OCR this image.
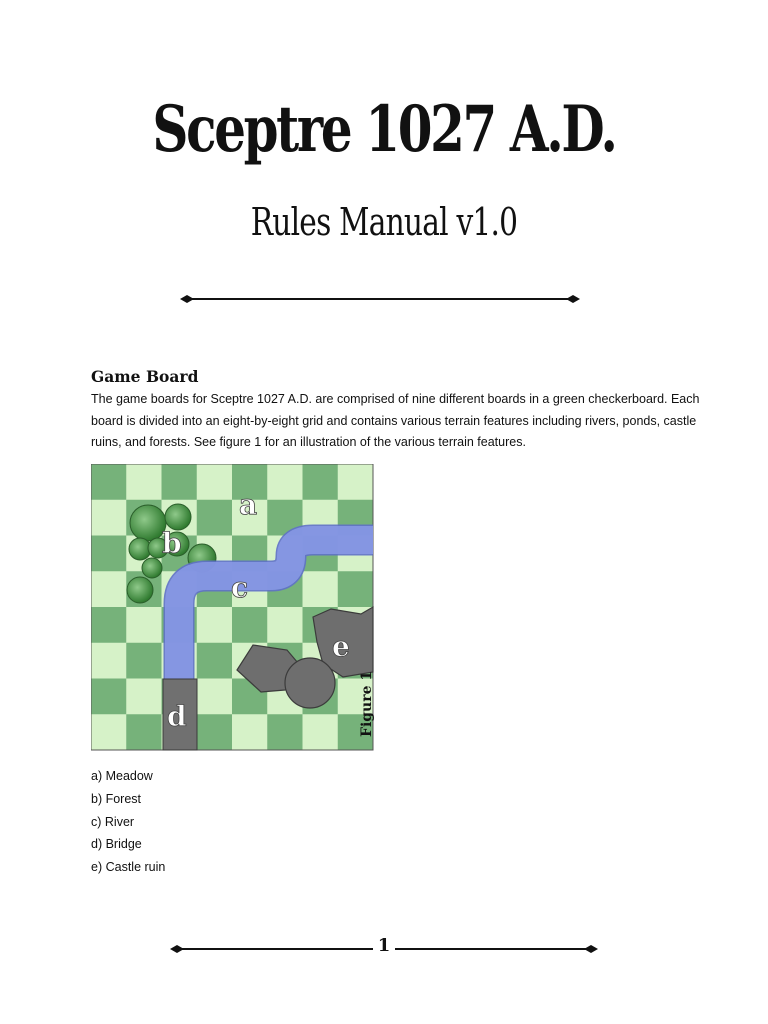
Sceptre 1027 A.D.
Rules Manual v1.0
Game Board
The game boards for Sceptre 1027 A.D. are comprised of nine different boards in a green checkerboard. Each board is divided into an eight-by-eight grid and contains various terrain features including rivers, ponds, castle ruins, and forests. See figure 1 for an illustration of the various terrain features.
a
b
c
d
e
Figure 1
a) Meadow
b) Forest
c) River
d) Bridge
e) Castle ruin
1
